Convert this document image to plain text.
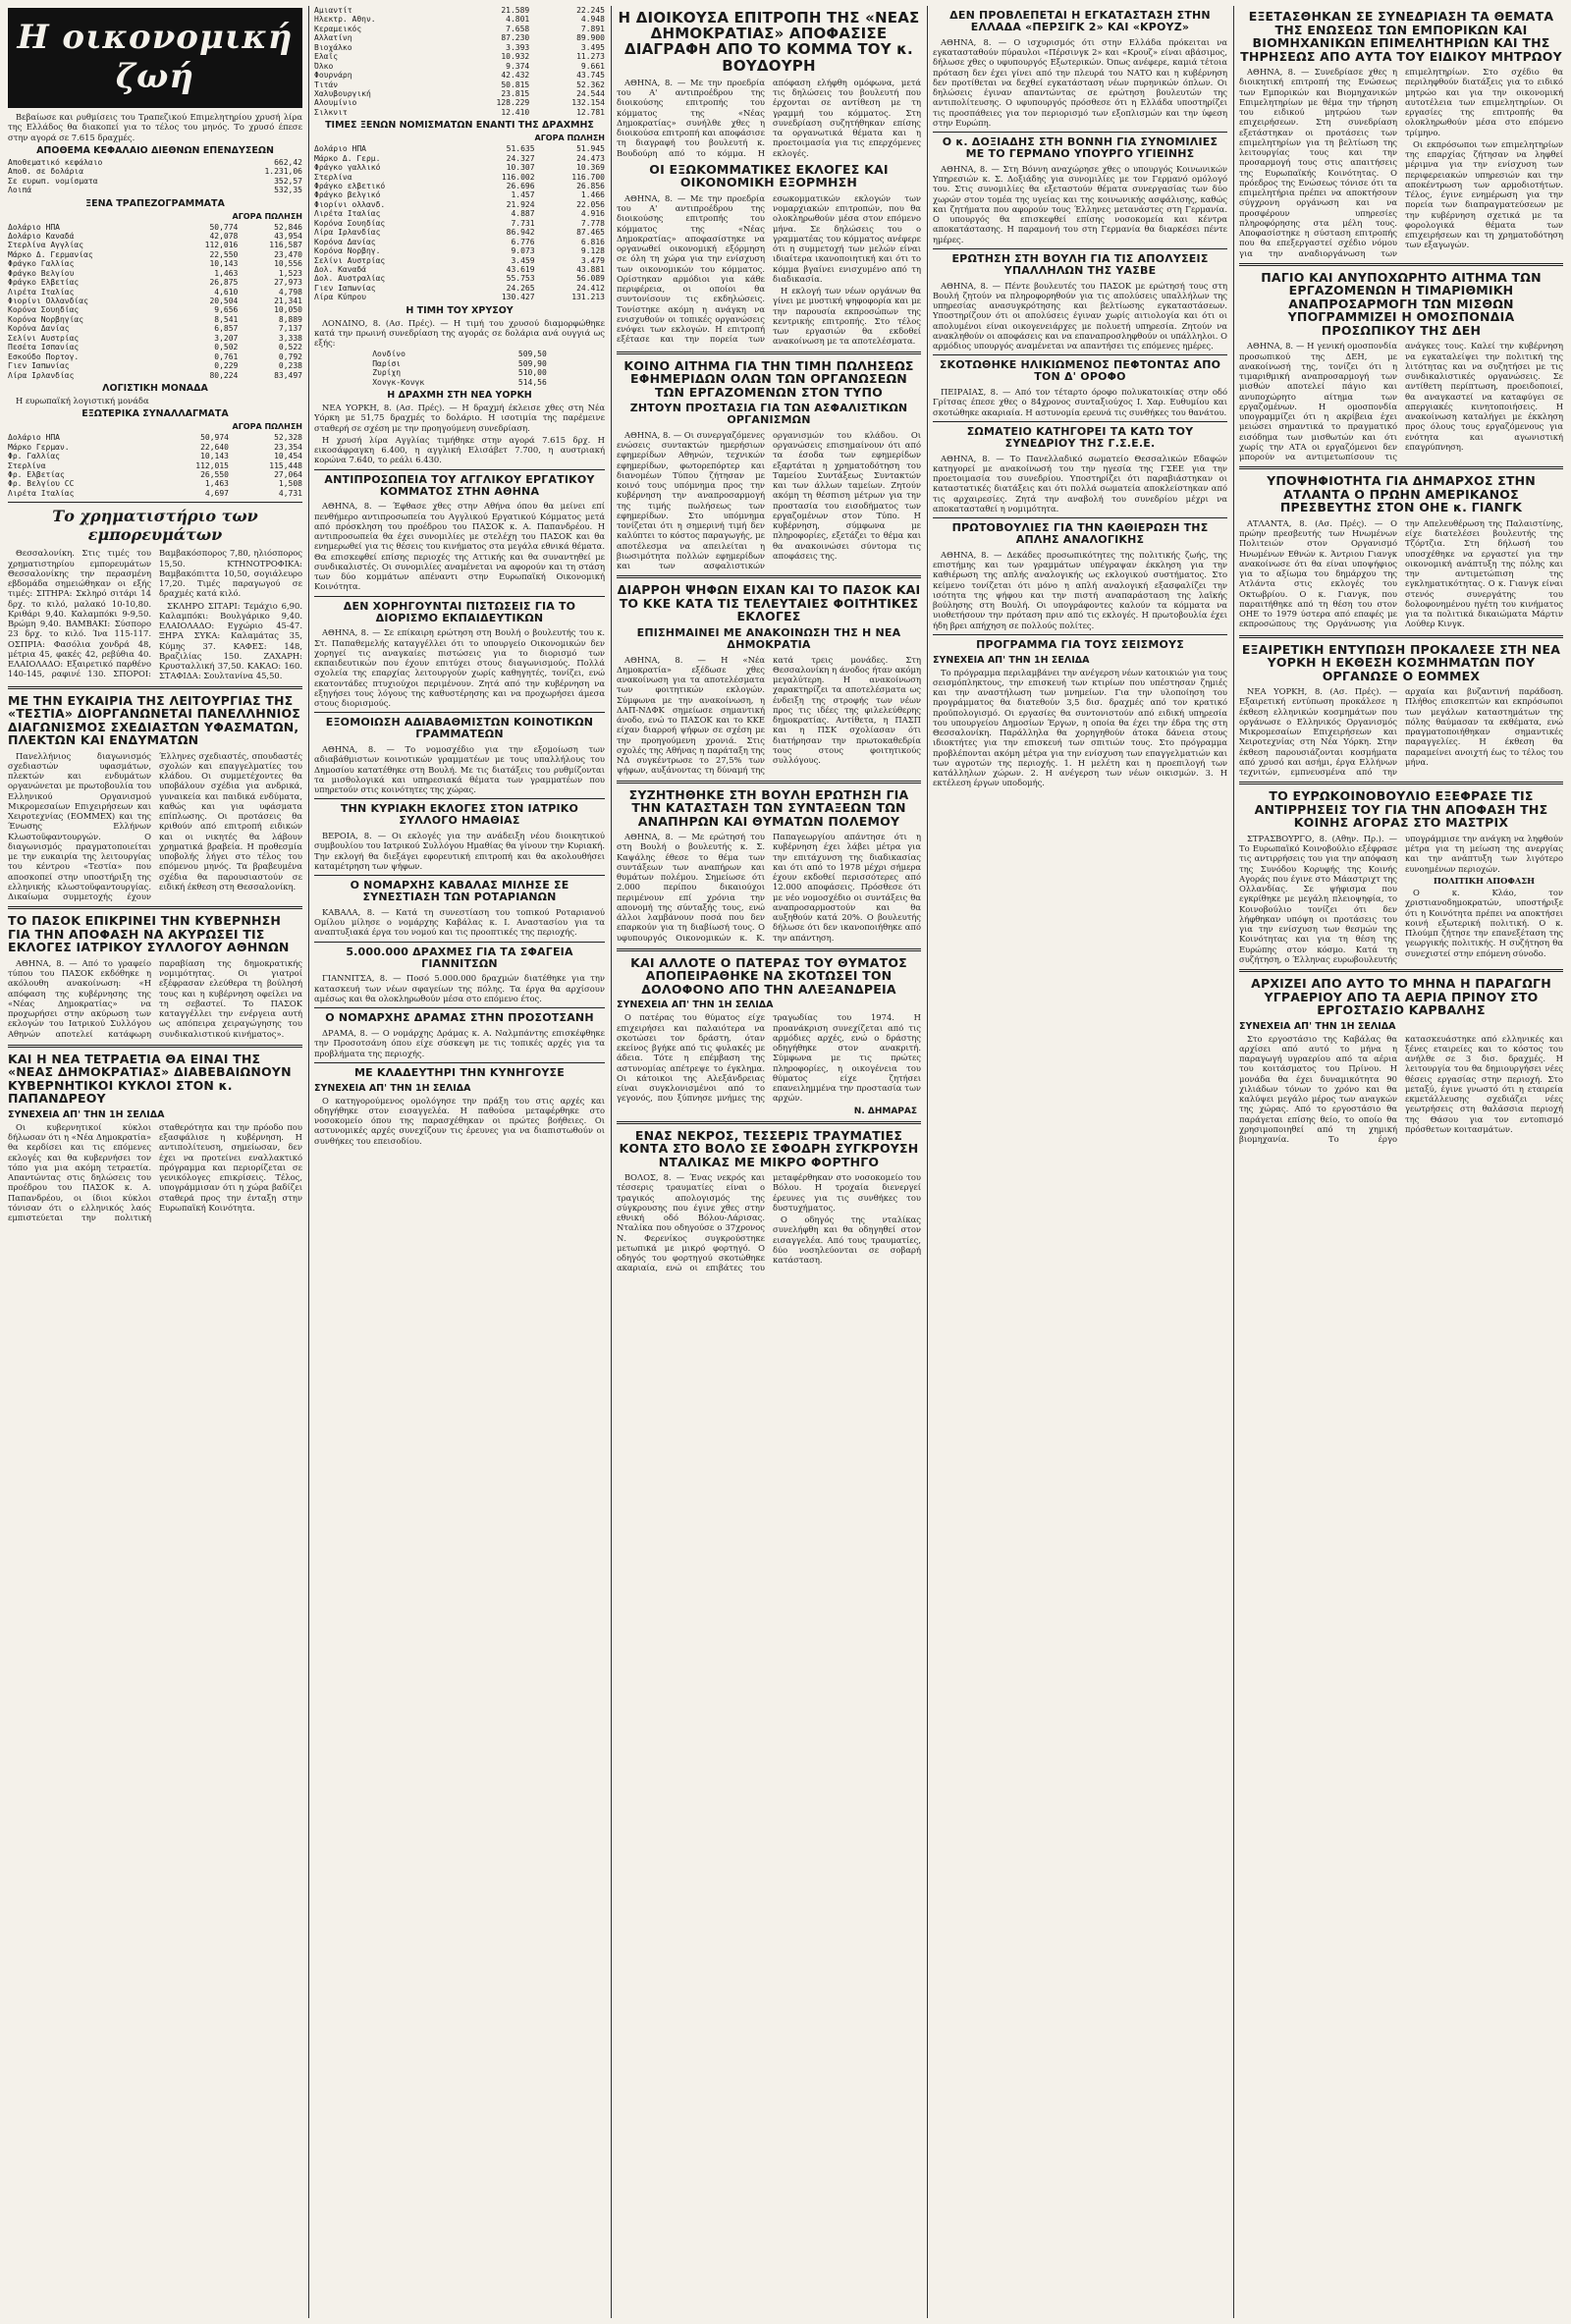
Η οικονομική ζωή

Βεβαίωσε και ρυθμίσεις του Τραπεζικού Επιμελητηρίου χρυσή λίρα της Ελλάδος θα διακοπεί για το τέλος του μηνός. Το χρυσό έπεσε στην αγορά σε 7.615 δραχμές.

ΑΠΟΘΕΜΑ ΚΕΦΑΛΑΙΟ ΔΙΕΘΝΩΝ ΕΠΕΝΔΥΣΕΩΝ
Αποθεματικό κεφάλαιο	662,42
Αποθ. σε δολάρια	1.231,06
Σε ευρωπ. νομίσματα	352,57
Λοιπά	532,35
ΞΕΝΑ ΤΡΑΠΕΖΟΓΡΑΜΜΑΤΑ
ΑΓΟΡΑ ΠΩΛΗΣΗ
Δολάριο ΗΠΑ	50,774	52,846
Δολάριο Καναδά	42,078	43,954
Στερλίνα Αγγλίας	112,016	116,587
Μάρκο Δ. Γερμανίας	22,550	23,470
Φράγκο Γαλλίας	10,143	10,556
Φράγκο Βελγίου	1,463	1,523
Φράγκο Ελβετίας	26,875	27,973
Λιρέτα Ιταλίας	4,610	4,798
Φιορίνι Ολλανδίας	20,504	21,341
Κορόνα Σουηδίας	9,656	10,050
Κορόνα Νορβηγίας	8,541	8,889
Κορόνα Δανίας	6,857	7,137
Σελίνι Αυστρίας	3,207	3,338
Πεσέτα Ισπανίας	0,502	0,522
Εσκούδο Πορτογ.	0,761	0,792
Γιεν Ιαπωνίας	0,229	0,238
Λίρα Ιρλανδίας	80,224	83,497
ΛΟΓΙΣΤΙΚΗ ΜΟΝΑΔΑ

Η ευρωπαϊκή λογιστική μονάδα

ΕΞΩΤΕΡΙΚΑ ΣΥΝΑΛΛΑΓΜΑΤΑ
ΑΓΟΡΑ ΠΩΛΗΣΗ
Δολάριο ΗΠΑ	50,974	52,328
Μάρκο Γερμαν.	22,640	23,354
Φρ. Γαλλίας	10,143	10,454
Στερλίνα	112,015	115,448
Φρ. Ελβετίας	26,550	27,064
Φρ. Βελγίου CC	1,463	1,508
Λιρέτα Ιταλίας	4,697	4,731
Το χρηματιστήριο των εμπορευμάτων

Θεσσαλονίκη. Στις τιμές του χρηματιστηρίου εμπορευμάτων Θεσσαλονίκης την περασμένη εβδομάδα σημειώθηκαν οι εξής τιμές: ΣΙΤΗΡΑ: Σκληρό σιτάρι 14 δρχ. το κιλό, μαλακό 10-10,80. Κριθάρι 9,40. Καλαμπόκι 9-9,50. Βρώμη 9,40. ΒΑΜΒΑΚΙ: Σύσπορο 23 δρχ. το κιλό. Ίνα 115-117. ΟΣΠΡΙΑ: Φασόλια χονδρά 48, μέτρια 45, φακές 42, ρεβύθια 40. ΕΛΑΙΟΛΑΔΟ: Εξαιρετικό παρθένο 140-145, ραφινέ 130. ΣΠΟΡΟΙ: Βαμβακόσπορος 7,80, ηλιόσπορος 15,50. ΚΤΗΝΟΤΡΟΦΙΚΑ: Βαμβακόπιττα 10,50, σογιάλευρο 17,20. Τιμές παραγωγού σε δραχμές κατά κιλό.

ΣΚΛΗΡΟ ΣΙΤΑΡΙ: Τεμάχιο 6,90. Καλαμπόκι: Βουλγάρικο 9,40. ΕΛΑΙΟΛΑΔΟ: Εγχώριο 45-47. ΞΗΡΑ ΣΥΚΑ: Καλαμάτας 35, Κύμης 37. ΚΑΦΕΣ: 148, Βραζιλίας 150. ΖΑΧΑΡΗ: Κρυσταλλική 37,50. ΚΑΚΑΟ: 160. ΣΤΑΦΙΔΑ: Σουλτανίνα 45,50.

ΜΕ ΤΗΝ ΕΥΚΑΙΡΙΑ ΤΗΣ ΛΕΙΤΟΥΡΓΙΑΣ ΤΗΣ «ΤΕΣΤΙΑ» ΔΙΟΡΓΑΝΩΝΕΤΑΙ ΠΑΝΕΛΛΗΝΙΟΣ ΔΙΑΓΩΝΙΣΜΟΣ ΣΧΕΔΙΑΣΤΩΝ ΥΦΑΣΜΑΤΩΝ, ΠΛΕΚΤΩΝ ΚΑΙ ΕΝΔΥΜΑΤΩΝ

Πανελλήνιος διαγωνισμός σχεδιαστών υφασμάτων, πλεκτών και ενδυμάτων οργανώνεται με πρωτοβουλία του Ελληνικού Οργανισμού Μικρομεσαίων Επιχειρήσεων και Χειροτεχνίας (ΕΟΜΜΕΧ) και της Ένωσης Ελλήνων Κλωστοϋφαντουργών. Ο διαγωνισμός πραγματοποιείται με την ευκαιρία της λειτουργίας του κέντρου «Τεστία» που αποσκοπεί στην υποστήριξη της ελληνικής κλωστοϋφαντουργίας. Δικαίωμα συμμετοχής έχουν Έλληνες σχεδιαστές, σπουδαστές σχολών και επαγγελματίες του κλάδου. Οι συμμετέχοντες θα υποβάλουν σχέδια για ανδρικά, γυναικεία και παιδικά ενδύματα, καθώς και για υφάσματα επίπλωσης. Οι προτάσεις θα κριθούν από επιτροπή ειδικών και οι νικητές θα λάβουν χρηματικά βραβεία. Η προθεσμία υποβολής λήγει στο τέλος του επόμενου μηνός. Τα βραβευμένα σχέδια θα παρουσιαστούν σε ειδική έκθεση στη Θεσσαλονίκη.

ΤΟ ΠΑΣΟΚ ΕΠΙΚΡΙΝΕΙ ΤΗΝ ΚΥΒΕΡΝΗΣΗ ΓΙΑ ΤΗΝ ΑΠΟΦΑΣΗ ΝΑ ΑΚΥΡΩΣΕΙ ΤΙΣ ΕΚΛΟΓΕΣ ΙΑΤΡΙΚΟΥ ΣΥΛΛΟΓΟΥ ΑΘΗΝΩΝ

ΑΘΗΝΑ, 8. — Από το γραφείο τύπου του ΠΑΣΟΚ εκδόθηκε η ακόλουθη ανακοίνωση: «Η απόφαση της κυβέρνησης της «Νέας Δημοκρατίας» να προχωρήσει στην ακύρωση των εκλογών του Ιατρικού Συλλόγου Αθηνών αποτελεί κατάφωρη παραβίαση της δημοκρατικής νομιμότητας. Οι γιατροί εξέφρασαν ελεύθερα τη βούλησή τους και η κυβέρνηση οφείλει να τη σεβαστεί. Το ΠΑΣΟΚ καταγγέλλει την ενέργεια αυτή ως απόπειρα χειραγώγησης του συνδικαλιστικού κινήματος».

ΚΑΙ Η ΝΕΑ ΤΕΤΡΑΕΤΙΑ ΘΑ ΕΙΝΑΙ ΤΗΣ «ΝΕΑΣ ΔΗΜΟΚΡΑΤΙΑΣ» ΔΙΑΒΕΒΑΙΩΝΟΥΝ ΚΥΒΕΡΝΗΤΙΚΟΙ ΚΥΚΛΟΙ ΣΤΟΝ κ. ΠΑΠΑΝΔΡΕΟΥ
ΣΥΝΕΧΕΙΑ ΑΠ' ΤΗΝ 1Η ΣΕΛΙΔΑ

Οι κυβερνητικοί κύκλοι δήλωσαν ότι η «Νέα Δημοκρατία» θα κερδίσει και τις επόμενες εκλογές και θα κυβερνήσει τον τόπο για μια ακόμη τετραετία. Απαντώντας στις δηλώσεις του προέδρου του ΠΑΣΟΚ κ. Α. Παπανδρέου, οι ίδιοι κύκλοι τόνισαν ότι ο ελληνικός λαός εμπιστεύεται την πολιτική σταθερότητα και την πρόοδο που εξασφάλισε η κυβέρνηση. Η αντιπολίτευση, σημείωσαν, δεν έχει να προτείνει εναλλακτικό πρόγραμμα και περιορίζεται σε γενικόλογες επικρίσεις. Τέλος, υπογράμμισαν ότι η χώρα βαδίζει σταθερά προς την ένταξη στην Ευρωπαϊκή Κοινότητα.

Αμιαντίτ	21.589	22.245
Ηλεκτρ. Αθην.	4.801	4.948
Κεραμεικός	7.658	7.891
Αλλατίνη	87.230	89.900
Βιοχάλκο	3.393	3.495
Ελαΐς	10.932	11.273
Όλκο	9.374	9.661
Φουρνάρη	42.432	43.745
Τιτάν	50.815	52.362
Χαλυβουργική	23.815	24.544
Αλουμίνιο	128.229	132.154
Σιλκνιτ	12.410	12.781
ΤΙΜΕΣ ΞΕΝΩΝ ΝΟΜΙΣΜΑΤΩΝ ΕΝΑΝΤΙ ΤΗΣ ΔΡΑΧΜΗΣ
ΑΓΟΡΑ ΠΩΛΗΣΗ
Δολάριο ΗΠΑ	51.635	51.945
Μάρκο Δ. Γερμ.	24.327	24.473
Φράγκο γαλλικό	10.307	10.369
Στερλίνα	116.002	116.700
Φράγκο ελβετικό	26.696	26.856
Φράγκο βελγικό	1.457	1.466
Φιορίνι ολλανδ.	21.924	22.056
Λιρέτα Ιταλίας	4.887	4.916
Κορόνα Σουηδίας	7.731	7.778
Λίρα Ιρλανδίας	86.942	87.465
Κορόνα Δανίας	6.776	6.816
Κορόνα Νορβηγ.	9.073	9.128
Σελίνι Αυστρίας	3.459	3.479
Δολ. Καναδά	43.619	43.881
Δολ. Αυστραλίας	55.753	56.089
Γιεν Ιαπωνίας	24.265	24.412
Λίρα Κύπρου	130.427	131.213
Η ΤΙΜΗ ΤΟΥ ΧΡΥΣΟΥ

ΛΟΝΔΙΝΟ, 8. (Ασ. Πρές). — Η τιμή του χρυσού διαμορφώθηκε κατά την πρωινή συνεδρίαση της αγοράς σε δολάρια ανά ουγγιά ως εξής:

Λονδίνο	509,50
Παρίσι	509,90
Ζυρίχη	510,00
Χονγκ-Κονγκ	514,56
Η ΔΡΑΧΜΗ ΣΤΗ ΝΕΑ ΥΟΡΚΗ

ΝΕΑ ΥΟΡΚΗ, 8. (Ασ. Πρές). — Η δραχμή έκλεισε χθες στη Νέα Υόρκη με 51,75 δραχμές το δολάριο. Η ισοτιμία της παρέμεινε σταθερή σε σχέση με την προηγούμενη συνεδρίαση.

Η χρυσή λίρα Αγγλίας τιμήθηκε στην αγορά 7.615 δρχ. Η εικοσάφραγκη 6.400, η αγγλική Ελισάβετ 7.700, η αυστριακή κορώνα 7.640, το ρεάλι 6.430.

ΑΝΤΙΠΡΟΣΩΠΕΙΑ ΤΟΥ ΑΓΓΛΙΚΟΥ ΕΡΓΑΤΙΚΟΥ ΚΟΜΜΑΤΟΣ ΣΤΗΝ ΑΘΗΝΑ

ΑΘΗΝΑ, 8. — Έφθασε χθες στην Αθήνα όπου θα μείνει επί πενθήμερο αντιπροσωπεία του Αγγλικού Εργατικού Κόμματος μετά από πρόσκληση του προέδρου του ΠΑΣΟΚ κ. Α. Παπανδρέου. Η αντιπροσωπεία θα έχει συνομιλίες με στελέχη του ΠΑΣΟΚ και θα ενημερωθεί για τις θέσεις του κινήματος στα μεγάλα εθνικά θέματα. Θα επισκεφθεί επίσης περιοχές της Αττικής και θα συναντηθεί με συνδικαλιστές. Οι συνομιλίες αναμένεται να αφορούν και τη στάση των δύο κομμάτων απέναντι στην Ευρωπαϊκή Οικονομική Κοινότητα.

ΔΕΝ ΧΟΡΗΓΟΥΝΤΑΙ ΠΙΣΤΩΣΕΙΣ ΓΙΑ ΤΟ ΔΙΟΡΙΣΜΟ ΕΚΠΑΙΔΕΥΤΙΚΩΝ

ΑΘΗΝΑ, 8. — Σε επίκαιρη ερώτηση στη Βουλή ο βουλευτής του κ. Στ. Παπαθεμελής καταγγέλλει ότι το υπουργείο Οικονομικών δεν χορηγεί τις αναγκαίες πιστώσεις για το διορισμό των εκπαιδευτικών που έχουν επιτύχει στους διαγωνισμούς. Πολλά σχολεία της επαρχίας λειτουργούν χωρίς καθηγητές, τονίζει, ενώ εκατοντάδες πτυχιούχοι περιμένουν. Ζητά από την κυβέρνηση να εξηγήσει τους λόγους της καθυστέρησης και να προχωρήσει άμεσα στους διορισμούς.

ΕΞΟΜΟΙΩΣΗ ΑΔΙΑΒΑΘΜΙΣΤΩΝ ΚΟΙΝΟΤΙΚΩΝ ΓΡΑΜΜΑΤΕΩΝ

ΑΘΗΝΑ, 8. — Το νομοσχέδιο για την εξομοίωση των αδιαβάθμιστων κοινοτικών γραμματέων με τους υπαλλήλους του Δημοσίου κατατέθηκε στη Βουλή. Με τις διατάξεις του ρυθμίζονται τα μισθολογικά και υπηρεσιακά θέματα των γραμματέων που υπηρετούν στις κοινότητες της χώρας.

ΤΗΝ ΚΥΡΙΑΚΗ ΕΚΛΟΓΕΣ ΣΤΟΝ ΙΑΤΡΙΚΟ ΣΥΛΛΟΓΟ ΗΜΑΘΙΑΣ

ΒΕΡΟΙΑ, 8. — Οι εκλογές για την ανάδειξη νέου διοικητικού συμβουλίου του Ιατρικού Συλλόγου Ημαθίας θα γίνουν την Κυριακή. Την εκλογή θα διεξάγει εφορευτική επιτροπή και θα ακολουθήσει καταμέτρηση των ψήφων.

Ο ΝΟΜΑΡΧΗΣ ΚΑΒΑΛΑΣ ΜΙΛΗΣΕ ΣΕ ΣΥΝΕΣΤΙΑΣΗ ΤΩΝ ΡΟΤΑΡΙΑΝΩΝ

ΚΑΒΑΛΑ, 8. — Κατά τη συνεστίαση του τοπικού Ροταριανού Ομίλου μίλησε ο νομάρχης Καβάλας κ. Ι. Αναστασίου για τα αναπτυξιακά έργα του νομού και τις προοπτικές της περιοχής.

5.000.000 ΔΡΑΧΜΕΣ ΓΙΑ ΤΑ ΣΦΑΓΕΙΑ ΓΙΑΝΝΙΤΣΩΝ

ΓΙΑΝΝΙΤΣΑ, 8. — Ποσό 5.000.000 δραχμών διατέθηκε για την κατασκευή των νέων σφαγείων της πόλης. Τα έργα θα αρχίσουν αμέσως και θα ολοκληρωθούν μέσα στο επόμενο έτος.

Ο ΝΟΜΑΡΧΗΣ ΔΡΑΜΑΣ ΣΤΗΝ ΠΡΟΣΟΤΣΑΝΗ

ΔΡΑΜΑ, 8. — Ο νομάρχης Δράμας κ. Α. Ναλμπάντης επισκέφθηκε την Προσοτσάνη όπου είχε σύσκεψη με τις τοπικές αρχές για τα προβλήματα της περιοχής.

ΜΕ ΚΛΑΔΕΥΤΗΡΙ ΤΗΝ ΚΥΝΗΓΟΥΣΕ
ΣΥΝΕΧΕΙΑ ΑΠ' ΤΗΝ 1Η ΣΕΛΙΔΑ

Ο κατηγορούμενος ομολόγησε την πράξη του στις αρχές και οδηγήθηκε στον εισαγγελέα. Η παθούσα μεταφέρθηκε στο νοσοκομείο όπου της παρασχέθηκαν οι πρώτες βοήθειες. Οι αστυνομικές αρχές συνεχίζουν τις έρευνες για να διαπιστωθούν οι συνθήκες του επεισοδίου.

Η ΔΙΟΙΚΟΥΣΑ ΕΠΙΤΡΟΠΗ ΤΗΣ «ΝΕΑΣ ΔΗΜΟΚΡΑΤΙΑΣ» ΑΠΟΦΑΣΙΣΕ ΔΙΑΓΡΑΦΗ ΑΠΟ ΤΟ ΚΟΜΜΑ ΤΟΥ κ. ΒΟΥΔΟΥΡΗ

ΑΘΗΝΑ, 8. — Με την προεδρία του Α' αντιπροέδρου της διοικούσης επιτροπής του κόμματος της «Νέας Δημοκρατίας» συνήλθε χθες η διοικούσα επιτροπή και αποφάσισε τη διαγραφή του βουλευτή κ. Βουδούρη από το κόμμα. Η απόφαση ελήφθη ομόφωνα, μετά τις δηλώσεις του βουλευτή που έρχονται σε αντίθεση με τη γραμμή του κόμματος. Στη συνεδρίαση συζητήθηκαν επίσης τα οργανωτικά θέματα και η προετοιμασία για τις επερχόμενες εκλογές.

ΟΙ ΕΞΩΚΟΜΜΑΤΙΚΕΣ ΕΚΛΟΓΕΣ ΚΑΙ ΟΙΚΟΝΟΜΙΚΗ ΕΞΟΡΜΗΣΗ

ΑΘΗΝΑ, 8. — Με την προεδρία του Α' αντιπροέδρου της διοικούσης επιτροπής του κόμματος της «Νέας Δημοκρατίας» αποφασίστηκε να οργανωθεί οικονομική εξόρμηση σε όλη τη χώρα για την ενίσχυση των οικονομικών του κόμματος. Ορίστηκαν αρμόδιοι για κάθε περιφέρεια, οι οποίοι θα συντονίσουν τις εκδηλώσεις. Τονίστηκε ακόμη η ανάγκη να ενισχυθούν οι τοπικές οργανώσεις ενόψει των εκλογών. Η επιτροπή εξέτασε και την πορεία των εσωκομματικών εκλογών των νομαρχιακών επιτροπών, που θα ολοκληρωθούν μέσα στον επόμενο μήνα. Σε δηλώσεις του ο γραμματέας του κόμματος ανέφερε ότι η συμμετοχή των μελών είναι ιδιαίτερα ικανοποιητική και ότι το κόμμα βγαίνει ενισχυμένο από τη διαδικασία.

Η εκλογή των νέων οργάνων θα γίνει με μυστική ψηφοφορία και με την παρουσία εκπροσώπων της κεντρικής επιτροπής. Στο τέλος των εργασιών θα εκδοθεί ανακοίνωση με τα αποτελέσματα.

ΚΟΙΝΟ ΑΙΤΗΜΑ ΓΙΑ ΤΗΝ ΤΙΜΗ ΠΩΛΗΣΕΩΣ ΕΦΗΜΕΡΙΔΩΝ ΟΛΩΝ ΤΩΝ ΟΡΓΑΝΩΣΕΩΝ ΤΩΝ ΕΡΓΑΖΟΜΕΝΩΝ ΣΤΟΝ ΤΥΠΟ
ΖΗΤΟΥΝ ΠΡΟΣΤΑΣΙΑ ΓΙΑ ΤΩΝ ΑΣΦΑΛΙΣΤΙΚΩΝ ΟΡΓΑΝΙΣΜΩΝ

ΑΘΗΝΑ, 8. — Οι συνεργαζόμενες ενώσεις συντακτών ημερήσιων εφημερίδων Αθηνών, τεχνικών εφημερίδων, φωτορεπόρτερ και διανομέων Τύπου ζήτησαν με κοινό τους υπόμνημα προς την κυβέρνηση την αναπροσαρμογή της τιμής πωλήσεως των εφημερίδων. Στο υπόμνημα τονίζεται ότι η σημερινή τιμή δεν καλύπτει το κόστος παραγωγής, με αποτέλεσμα να απειλείται η βιωσιμότητα πολλών εφημερίδων και των ασφαλιστικών οργανισμών του κλάδου. Οι οργανώσεις επισημαίνουν ότι από τα έσοδα των εφημερίδων εξαρτάται η χρηματοδότηση του Ταμείου Συντάξεως Συντακτών και των άλλων ταμείων. Ζητούν ακόμη τη θέσπιση μέτρων για την προστασία του εισοδήματος των εργαζομένων στον Τύπο. Η κυβέρνηση, σύμφωνα με πληροφορίες, εξετάζει το θέμα και θα ανακοινώσει σύντομα τις αποφάσεις της.

ΔΙΑΡΡΟΗ ΨΗΦΩΝ ΕΙΧΑΝ ΚΑΙ ΤΟ ΠΑΣΟΚ ΚΑΙ ΤΟ ΚΚΕ ΚΑΤΑ ΤΙΣ ΤΕΛΕΥΤΑΙΕΣ ΦΟΙΤΗΤΙΚΕΣ ΕΚΛΟΓΕΣ
ΕΠΙΣΗΜΑΙΝΕΙ ΜΕ ΑΝΑΚΟΙΝΩΣΗ ΤΗΣ Η ΝΕΑ ΔΗΜΟΚΡΑΤΙΑ

ΑΘΗΝΑ, 8. — Η «Νέα Δημοκρατία» εξέδωσε χθες ανακοίνωση για τα αποτελέσματα των φοιτητικών εκλογών. Σύμφωνα με την ανακοίνωση, η ΔΑΠ-ΝΔΦΚ σημείωσε σημαντική άνοδο, ενώ το ΠΑΣΟΚ και το ΚΚΕ είχαν διαρροή ψήφων σε σχέση με την προηγούμενη χρονιά. Στις σχολές της Αθήνας η παράταξη της ΝΔ συγκέντρωσε το 27,5% των ψήφων, αυξάνοντας τη δύναμή της κατά τρεις μονάδες. Στη Θεσσαλονίκη η άνοδος ήταν ακόμη μεγαλύτερη. Η ανακοίνωση χαρακτηρίζει τα αποτελέσματα ως ένδειξη της στροφής των νέων προς τις ιδέες της φιλελεύθερης δημοκρατίας. Αντίθετα, η ΠΑΣΠ και η ΠΣΚ σχολίασαν ότι διατήρησαν την πρωτοκαθεδρία τους στους φοιτητικούς συλλόγους.

ΣΥΖΗΤΗΘΗΚΕ ΣΤΗ ΒΟΥΛΗ ΕΡΩΤΗΣΗ ΓΙΑ ΤΗΝ ΚΑΤΑΣΤΑΣΗ ΤΩΝ ΣΥΝΤΑΞΕΩΝ ΤΩΝ ΑΝΑΠΗΡΩΝ ΚΑΙ ΘΥΜΑΤΩΝ ΠΟΛΕΜΟΥ

ΑΘΗΝΑ, 8. — Με ερώτησή του στη Βουλή ο βουλευτής κ. Σ. Καψάλης έθεσε το θέμα των συντάξεων των αναπήρων και θυμάτων πολέμου. Σημείωσε ότι 2.000 περίπου δικαιούχοι περιμένουν επί χρόνια την απονομή της σύνταξής τους, ενώ άλλοι λαμβάνουν ποσά που δεν επαρκούν για τη διαβίωσή τους. Ο υφυπουργός Οικονομικών κ. Κ. Παπαγεωργίου απάντησε ότι η κυβέρνηση έχει λάβει μέτρα για την επιτάχυνση της διαδικασίας και ότι από το 1978 μέχρι σήμερα έχουν εκδοθεί περισσότερες από 12.000 αποφάσεις. Πρόσθεσε ότι με νέο νομοσχέδιο οι συντάξεις θα αναπροσαρμοστούν και θα αυξηθούν κατά 20%. Ο βουλευτής δήλωσε ότι δεν ικανοποιήθηκε από την απάντηση.

ΚΑΙ ΑΛΛΟΤΕ Ο ΠΑΤΕΡΑΣ ΤΟΥ ΘΥΜΑΤΟΣ ΑΠΟΠΕΙΡΑΘΗΚΕ ΝΑ ΣΚΟΤΩΣΕΙ ΤΟΝ ΔΟΛΟΦΟΝΟ ΑΠΟ ΤΗΝ ΑΛΕΞΑΝΔΡΕΙΑ
ΣΥΝΕΧΕΙΑ ΑΠ' ΤΗΝ 1Η ΣΕΛΙΔΑ

Ο πατέρας του θύματος είχε επιχειρήσει και παλαιότερα να σκοτώσει τον δράστη, όταν εκείνος βγήκε από τις φυλακές με άδεια. Τότε η επέμβαση της αστυνομίας απέτρεψε το έγκλημα. Οι κάτοικοι της Αλεξάνδρειας είναι συγκλονισμένοι από το γεγονός, που ξύπνησε μνήμες της τραγωδίας του 1974. Η προανάκριση συνεχίζεται από τις αρμόδιες αρχές, ενώ ο δράστης οδηγήθηκε στον ανακριτή. Σύμφωνα με τις πρώτες πληροφορίες, η οικογένεια του θύματος είχε ζητήσει επανειλημμένα την προστασία των αρχών.

Ν. ΔΗΜΑΡΑΣ
ΕΝΑΣ ΝΕΚΡΟΣ, ΤΕΣΣΕΡΙΣ ΤΡΑΥΜΑΤΙΕΣ ΚΟΝΤΑ ΣΤΟ ΒΟΛΟ ΣΕ ΣΦΟΔΡΗ ΣΥΓΚΡΟΥΣΗ ΝΤΑΛΙΚΑΣ ΜΕ ΜΙΚΡΟ ΦΟΡΤΗΓΟ

ΒΟΛΟΣ, 8. — Ένας νεκρός και τέσσερις τραυματίες είναι ο τραγικός απολογισμός της σύγκρουσης που έγινε χθες στην εθνική οδό Βόλου-Λάρισας. Νταλίκα που οδηγούσε ο 37χρονος Ν. Φερενίκος συγκρούστηκε μετωπικά με μικρό φορτηγό. Ο οδηγός του φορτηγού σκοτώθηκε ακαριαία, ενώ οι επιβάτες του μεταφέρθηκαν στο νοσοκομείο του Βόλου. Η τροχαία διενεργεί έρευνες για τις συνθήκες του δυστυχήματος.

Ο οδηγός της νταλίκας συνελήφθη και θα οδηγηθεί στον εισαγγελέα. Από τους τραυματίες, δύο νοσηλεύονται σε σοβαρή κατάσταση.

ΔΕΝ ΠΡΟΒΛΕΠΕΤΑΙ Η ΕΓΚΑΤΑΣΤΑΣΗ ΣΤΗΝ ΕΛΛΑΔΑ «ΠΕΡΣΙΓΚ 2» ΚΑΙ «ΚΡΟΥΖ»

ΑΘΗΝΑ, 8. — Ο ισχυρισμός ότι στην Ελλάδα πρόκειται να εγκατασταθούν πύραυλοι «Πέρσινγκ 2» και «Κρουζ» είναι αβάσιμος, δήλωσε χθες ο υφυπουργός Εξωτερικών. Όπως ανέφερε, καμιά τέτοια πρόταση δεν έχει γίνει από την πλευρά του ΝΑΤΟ και η κυβέρνηση δεν προτίθεται να δεχθεί εγκατάσταση νέων πυρηνικών όπλων. Οι δηλώσεις έγιναν απαντώντας σε ερώτηση βουλευτών της αντιπολίτευσης. Ο υφυπουργός πρόσθεσε ότι η Ελλάδα υποστηρίζει τις προσπάθειες για τον περιορισμό των εξοπλισμών και την ύφεση στην Ευρώπη.

Ο κ. ΔΟΞΙΑΔΗΣ ΣΤΗ ΒΟΝΝΗ ΓΙΑ ΣΥΝΟΜΙΛΙΕΣ ΜΕ ΤΟ ΓΕΡΜΑΝΟ ΥΠΟΥΡΓΟ ΥΓΙΕΙΝΗΣ

ΑΘΗΝΑ, 8. — Στη Βόννη αναχώρησε χθες ο υπουργός Κοινωνικών Υπηρεσιών κ. Σ. Δοξιάδης για συνομιλίες με τον Γερμανό ομόλογό του. Στις συνομιλίες θα εξεταστούν θέματα συνεργασίας των δύο χωρών στον τομέα της υγείας και της κοινωνικής ασφάλισης, καθώς και ζητήματα που αφορούν τους Έλληνες μετανάστες στη Γερμανία. Ο υπουργός θα επισκεφθεί επίσης νοσοκομεία και κέντρα αποκατάστασης. Η παραμονή του στη Γερμανία θα διαρκέσει πέντε ημέρες.

ΕΡΩΤΗΣΗ ΣΤΗ ΒΟΥΛΗ ΓΙΑ ΤΙΣ ΑΠΟΛΥΣΕΙΣ ΥΠΑΛΛΗΛΩΝ ΤΗΣ ΥΑΣΒΕ

ΑΘΗΝΑ, 8. — Πέντε βουλευτές του ΠΑΣΟΚ με ερώτησή τους στη Βουλή ζητούν να πληροφορηθούν για τις απολύσεις υπαλλήλων της υπηρεσίας ανασυγκρότησης και βελτίωσης εγκαταστάσεων. Υποστηρίζουν ότι οι απολύσεις έγιναν χωρίς αιτιολογία και ότι οι απολυμένοι είναι οικογενειάρχες με πολυετή υπηρεσία. Ζητούν να ανακληθούν οι αποφάσεις και να επαναπροσληφθούν οι υπάλληλοι. Ο αρμόδιος υπουργός αναμένεται να απαντήσει τις επόμενες ημέρες.

ΣΚΟΤΩΘΗΚΕ ΗΛΙΚΙΩΜΕΝΟΣ ΠΕΦΤΟΝΤΑΣ ΑΠΟ ΤΟΝ Δ' ΟΡΟΦΟ

ΠΕΙΡΑΙΑΣ, 8. — Από τον τέταρτο όροφο πολυκατοικίας στην οδό Γρίτσας έπεσε χθες ο 84χρονος συνταξιούχος Ι. Χαρ. Ευθυμίου και σκοτώθηκε ακαριαία. Η αστυνομία ερευνά τις συνθήκες του θανάτου.

ΣΩΜΑΤΕΙΟ ΚΑΤΗΓΟΡΕΙ ΤΑ ΚΑΤΩ ΤΟΥ ΣΥΝΕΔΡΙΟΥ ΤΗΣ Γ.Σ.Ε.Ε.

ΑΘΗΝΑ, 8. — Το Πανελλαδικό σωματείο Θεσσαλικών Εδαφών κατηγορεί με ανακοίνωσή του την ηγεσία της ΓΣΕΕ για την προετοιμασία του συνεδρίου. Υποστηρίζει ότι παραβιάστηκαν οι καταστατικές διατάξεις και ότι πολλά σωματεία αποκλείστηκαν από τις αρχαιρεσίες. Ζητά την αναβολή του συνεδρίου μέχρι να αποκατασταθεί η νομιμότητα.

ΠΡΩΤΟΒΟΥΛΙΕΣ ΓΙΑ ΤΗΝ ΚΑΘΙΕΡΩΣΗ ΤΗΣ ΑΠΛΗΣ ΑΝΑΛΟΓΙΚΗΣ

ΑΘΗΝΑ, 8. — Δεκάδες προσωπικότητες της πολιτικής ζωής, της επιστήμης και των γραμμάτων υπέγραψαν έκκληση για την καθιέρωση της απλής αναλογικής ως εκλογικού συστήματος. Στο κείμενο τονίζεται ότι μόνο η απλή αναλογική εξασφαλίζει την ισότητα της ψήφου και την πιστή αναπαράσταση της λαϊκής βούλησης στη Βουλή. Οι υπογράφοντες καλούν τα κόμματα να υιοθετήσουν την πρόταση πριν από τις εκλογές. Η πρωτοβουλία έχει ήδη βρει απήχηση σε πολλούς πολίτες.

ΠΡΟΓΡΑΜΜΑ ΓΙΑ ΤΟΥΣ ΣΕΙΣΜΟΥΣ
ΣΥΝΕΧΕΙΑ ΑΠ' ΤΗΝ 1Η ΣΕΛΙΔΑ

Το πρόγραμμα περιλαμβάνει την ανέγερση νέων κατοικιών για τους σεισμόπληκτους, την επισκευή των κτιρίων που υπέστησαν ζημιές και την αναστήλωση των μνημείων. Για την υλοποίηση του προγράμματος θα διατεθούν 3,5 δισ. δραχμές από τον κρατικό προϋπολογισμό. Οι εργασίες θα συντονιστούν από ειδική υπηρεσία του υπουργείου Δημοσίων Έργων, η οποία θα έχει την έδρα της στη Θεσσαλονίκη. Παράλληλα θα χορηγηθούν άτοκα δάνεια στους ιδιοκτήτες για την επισκευή των σπιτιών τους. Στο πρόγραμμα προβλέπονται ακόμη μέτρα για την ενίσχυση των επαγγελματιών και των αγροτών της περιοχής. 1. Η μελέτη και η προεπιλογή των κατάλληλων χώρων. 2. Η ανέγερση των νέων οικισμών. 3. Η εκτέλεση έργων υποδομής.

ΕΞΕΤΑΣΘΗΚΑΝ ΣΕ ΣΥΝΕΔΡΙΑΣΗ ΤΑ ΘΕΜΑΤΑ ΤΗΣ ΕΝΩΣΕΩΣ ΤΩΝ ΕΜΠΟΡΙΚΩΝ ΚΑΙ ΒΙΟΜΗΧΑΝΙΚΩΝ ΕΠΙΜΕΛΗΤΗΡΙΩΝ ΚΑΙ ΤΗΣ ΤΗΡΗΣΕΩΣ ΑΠΟ ΑΥΤΑ ΤΟΥ ΕΙΔΙΚΟΥ ΜΗΤΡΩΟΥ

ΑΘΗΝΑ, 8. — Συνεδρίασε χθες η διοικητική επιτροπή της Ενώσεως των Εμπορικών και Βιομηχανικών Επιμελητηρίων με θέμα την τήρηση του ειδικού μητρώου των επιχειρήσεων. Στη συνεδρίαση εξετάστηκαν οι προτάσεις των επιμελητηρίων για τη βελτίωση της λειτουργίας τους και την προσαρμογή τους στις απαιτήσεις της Ευρωπαϊκής Κοινότητας. Ο πρόεδρος της Ενώσεως τόνισε ότι τα επιμελητήρια πρέπει να αποκτήσουν σύγχρονη οργάνωση και να προσφέρουν υπηρεσίες πληροφόρησης στα μέλη τους. Αποφασίστηκε η σύσταση επιτροπής που θα επεξεργαστεί σχέδιο νόμου για την αναδιοργάνωση των επιμελητηρίων. Στο σχέδιο θα περιληφθούν διατάξεις για το ειδικό μητρώο και για την οικονομική αυτοτέλεια των επιμελητηρίων. Οι εργασίες της επιτροπής θα ολοκληρωθούν μέσα στο επόμενο τρίμηνο.

Οι εκπρόσωποι των επιμελητηρίων της επαρχίας ζήτησαν να ληφθεί μέριμνα για την ενίσχυση των περιφερειακών υπηρεσιών και την αποκέντρωση των αρμοδιοτήτων. Τέλος, έγινε ενημέρωση για την πορεία των διαπραγματεύσεων με την κυβέρνηση σχετικά με τα φορολογικά θέματα των επιχειρήσεων και τη χρηματοδότηση των εξαγωγών.

ΠΑΓΙΟ ΚΑΙ ΑΝΥΠΟΧΩΡΗΤΟ ΑΙΤΗΜΑ ΤΩΝ ΕΡΓΑΖΟΜΕΝΩΝ Η ΤΙΜΑΡΙΘΜΙΚΗ ΑΝΑΠΡΟΣΑΡΜΟΓΗ ΤΩΝ ΜΙΣΘΩΝ ΥΠΟΓΡΑΜΜΙΖΕΙ Η ΟΜΟΣΠΟΝΔΙΑ ΠΡΟΣΩΠΙΚΟΥ ΤΗΣ ΔΕΗ

ΑΘΗΝΑ, 8. — Η γενική ομοσπονδία προσωπικού της ΔΕΗ, με ανακοίνωσή της, τονίζει ότι η τιμαριθμική αναπροσαρμογή των μισθών αποτελεί πάγιο και ανυποχώρητο αίτημα των εργαζομένων. Η ομοσπονδία υπογραμμίζει ότι η ακρίβεια έχει μειώσει σημαντικά το πραγματικό εισόδημα των μισθωτών και ότι χωρίς την ΑΤΑ οι εργαζόμενοι δεν μπορούν να αντιμετωπίσουν τις ανάγκες τους. Καλεί την κυβέρνηση να εγκαταλείψει την πολιτική της λιτότητας και να συζητήσει με τις συνδικαλιστικές οργανώσεις. Σε αντίθετη περίπτωση, προειδοποιεί, θα αναγκαστεί να καταφύγει σε απεργιακές κινητοποιήσεις. Η ανακοίνωση καταλήγει με έκκληση προς όλους τους εργαζόμενους για ενότητα και αγωνιστική επαγρύπνηση.

ΥΠΟΨΗΦΙΟΤΗΤΑ ΓΙΑ ΔΗΜΑΡΧΟΣ ΣΤΗΝ ΑΤΛΑΝΤΑ Ο ΠΡΩΗΝ ΑΜΕΡΙΚΑΝΟΣ ΠΡΕΣΒΕΥΤΗΣ ΣΤΟΝ ΟΗΕ κ. ΓΙΑΝΓΚ

ΑΤΛΑΝΤΑ, 8. (Ασ. Πρές). — Ο πρώην πρεσβευτής των Ηνωμένων Πολιτειών στον Οργανισμό Ηνωμένων Εθνών κ. Άντριου Γιανγκ ανακοίνωσε ότι θα είναι υποψήφιος για το αξίωμα του δημάρχου της Ατλάντα στις εκλογές του Οκτωβρίου. Ο κ. Γιανγκ, που παραιτήθηκε από τη θέση του στον ΟΗΕ το 1979 ύστερα από επαφές με εκπροσώπους της Οργάνωσης για την Απελευθέρωση της Παλαιστίνης, είχε διατελέσει βουλευτής της Τζόρτζια. Στη δήλωσή του υποσχέθηκε να εργαστεί για την οικονομική ανάπτυξη της πόλης και την αντιμετώπιση της εγκληματικότητας. Ο κ. Γιανγκ είναι στενός συνεργάτης του δολοφονημένου ηγέτη του κινήματος για τα πολιτικά δικαιώματα Μάρτιν Λούθερ Κινγκ.

ΕΞΑΙΡΕΤΙΚΗ ΕΝΤΥΠΩΣΗ ΠΡΟΚΑΛΕΣΕ ΣΤΗ ΝΕΑ ΥΟΡΚΗ Η ΕΚΘΕΣΗ ΚΟΣΜΗΜΑΤΩΝ ΠΟΥ ΟΡΓΑΝΩΣΕ Ο ΕΟΜΜΕΧ

ΝΕΑ ΥΟΡΚΗ, 8. (Ασ. Πρές). — Εξαιρετική εντύπωση προκάλεσε η έκθεση ελληνικών κοσμημάτων που οργάνωσε ο Ελληνικός Οργανισμός Μικρομεσαίων Επιχειρήσεων και Χειροτεχνίας στη Νέα Υόρκη. Στην έκθεση παρουσιάζονται κοσμήματα από χρυσό και ασήμι, έργα Ελλήνων τεχνιτών, εμπνευσμένα από την αρχαία και βυζαντινή παράδοση. Πλήθος επισκεπτών και εκπρόσωποι των μεγάλων καταστημάτων της πόλης θαύμασαν τα εκθέματα, ενώ πραγματοποιήθηκαν σημαντικές παραγγελίες. Η έκθεση θα παραμείνει ανοιχτή έως το τέλος του μήνα.

ΤΟ ΕΥΡΩΚΟΙΝΟΒΟΥΛΙΟ ΕΞΕΦΡΑΣΕ ΤΙΣ ΑΝΤΙΡΡΗΣΕΙΣ ΤΟΥ ΓΙΑ ΤΗΝ ΑΠΟΦΑΣΗ ΤΗΣ ΚΟΙΝΗΣ ΑΓΟΡΑΣ ΣΤΟ ΜΑΣΤΡΙΧ

ΣΤΡΑΣΒΟΥΡΓΟ, 8. (Αθην. Πρ.). — Το Ευρωπαϊκό Κοινοβούλιο εξέφρασε τις αντιρρήσεις του για την απόφαση της Συνόδου Κορυφής της Κοινής Αγοράς που έγινε στο Μάαστριχτ της Ολλανδίας. Σε ψήφισμα που εγκρίθηκε με μεγάλη πλειοψηφία, το Κοινοβούλιο τονίζει ότι δεν λήφθηκαν υπόψη οι προτάσεις του για την ενίσχυση των θεσμών της Κοινότητας και για τη θέση της Ευρώπης στον κόσμο. Κατά τη συζήτηση, ο Έλληνας ευρωβουλευτής υπογράμμισε την ανάγκη να ληφθούν μέτρα για τη μείωση της ανεργίας και την ανάπτυξη των λιγότερο ευνοημένων περιοχών.

ΠΟΛΙΤΙΚΗ ΑΠΟΦΑΣΗ

Ο κ. Κλάο, τον χριστιανοδημοκρατών, υποστήριξε ότι η Κοινότητα πρέπει να αποκτήσει κοινή εξωτερική πολιτική. Ο κ. Πλούμπ ζήτησε την επανεξέταση της γεωργικής πολιτικής. Η συζήτηση θα συνεχιστεί στην επόμενη σύνοδο.

ΑΡΧΙΖΕΙ ΑΠΟ ΑΥΤΟ ΤΟ ΜΗΝΑ Η ΠΑΡΑΓΩΓΗ ΥΓΡΑΕΡΙΟΥ ΑΠΟ ΤΑ ΑΕΡΙΑ ΠΡΙΝΟΥ ΣΤΟ ΕΡΓΟΣΤΑΣΙΟ ΚΑΡΒΑΛΗΣ
ΣΥΝΕΧΕΙΑ ΑΠ' ΤΗΝ 1Η ΣΕΛΙΔΑ

Στο εργοστάσιο της Καβάλας θα αρχίσει από αυτό το μήνα η παραγωγή υγραερίου από τα αέρια του κοιτάσματος του Πρίνου. Η μονάδα θα έχει δυναμικότητα 90 χιλιάδων τόνων το χρόνο και θα καλύψει μεγάλο μέρος των αναγκών της χώρας. Από το εργοστάσιο θα παράγεται επίσης θείο, το οποίο θα χρησιμοποιηθεί από τη χημική βιομηχανία. Το έργο κατασκευάστηκε από ελληνικές και ξένες εταιρείες και το κόστος του ανήλθε σε 3 δισ. δραχμές. Η λειτουργία του θα δημιουργήσει νέες θέσεις εργασίας στην περιοχή. Στο μεταξύ, έγινε γνωστό ότι η εταιρεία εκμετάλλευσης σχεδιάζει νέες γεωτρήσεις στη θαλάσσια περιοχή της Θάσου για τον εντοπισμό πρόσθετων κοιτασμάτων.
